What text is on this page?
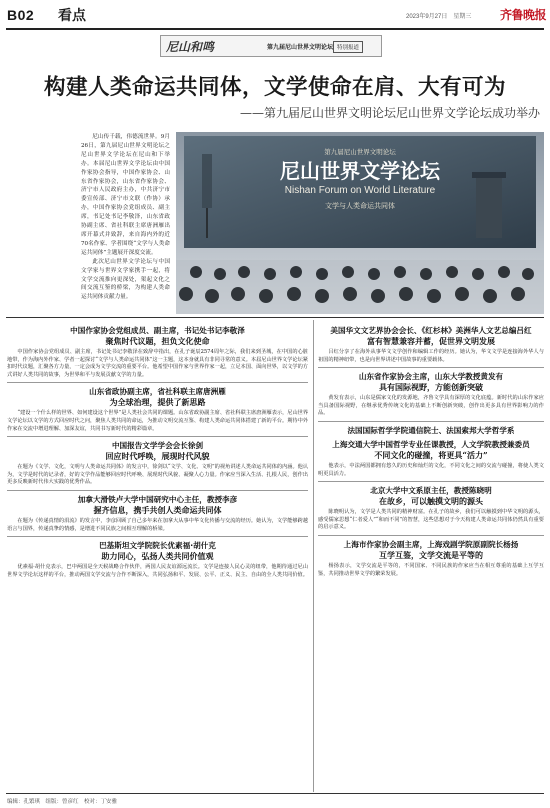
B02 看点	2023年9月27日　星期三 齐鲁晚报
尼山和鸣	第九届尼山世界文明论坛 特别报道
构建人类命运共同体，文学使命在肩、大有可为
——第九届尼山世界文明论坛尼山世界文学论坛成功举办

尼山传千载，伟德流世界。9月26日，第九届尼山世界文明论坛之尼山世界文学论坛在尼山和下举办。本届尼山世界文学论坛由中国作家协会指导，中国作家协会、山东省作家协会，山东省作家协会、济宁市人民政府主办，中共济宁市委宣传部、济宁市文联（作协）承办，中国作家协会党组成员、副主席，书记处书记李敬泽，山东省政协副主席、省社科联主席唐洲雁出席开幕式并致辞，来自海内外的近70名作家、学者围绕“文学与人类命运共同体”主题展开深度交流。

此次尼山世界文学论坛与中国文学家与世界文学家携手一起，将文学交流推向更深处，架起文化之间交流互鉴的桥梁，为构建人类命运共同体贡献力量。

第九届尼山世界文明论坛
尼山世界文学论坛
Nishan Forum on World Literature
文学与人类命运共同体
中国作家协会党组成员、副主席，书记处书记李敬泽
聚焦时代议题，担负文化使命

中国作家协会党组成员、副主席，书记处书记李敬泽在致辞中指出，在孔子诞辰2574周年之际，我们来到圣城，在中国的心脏地带，作为海内外作家、学者一起探讨“文学与人类命运共同体”这一主题，这本身就具有非同寻常的意义。本届尼山世界文学论坛紧扣时代议题，汇聚各方力量，一定会成为文学交流的重要平台。他希望中国作家与世界作家一起，立足本国、面向世界，以文学的方式讲好人类共同的故事，为世界和平与发展贡献文学的力量。

山东省政协副主席，省社科联主席唐洲雁
为全球治理，提供了新思路

“建设一个什么样的世界、如何建设这个世界”是人类社会共同的课题。山东省政协副主席、省社科联主席唐洲雁表示，尼山世界文学论坛以文学的方式回应时代之问，聚焦人类共同的命运，为推动文明交流互鉴、构建人类命运共同体搭建了新的平台。期待中外作家在交流中增进理解、加深友谊，共同书写新时代的精彩篇章。

中国报告文学学会会长徐剑
回应时代呼唤，展现时代风貌

在题为《文学、文化，文明与人类命运共同体》的发言中，徐剑以“文学、文化、文明”的视角讲述人类命运共同体的内涵。他认为，文学是时代的记录者，好的文学作品能够回应时代呼唤、展现时代风貌、凝聚人心力量。作家应当深入生活、扎根人民，创作出更多反映新时代伟大实践的优秀作品。

加拿大滑铁卢大学中国研究中心主任，教授李彦
握齐信息，携手共创人类命运共同体

在题为《传递真情的涓流》的发言中，李彦回顾了自己多年来在加拿大从事中华文化传播与交流的经历。她认为，文学能够跨越语言与国界，传递真挚的情感，是增进不同民族之间相互理解的桥梁。

巴基斯坦文学院院长优素福·胡什克
助力同心，弘扬人类共同价值观

优素福·胡什克表示，巴中两国是全天候战略合作伙伴，两国人民友谊源远流长。文学是连接人民心灵的纽带，他期待通过尼山世界文学论坛这样的平台，推动两国文学交流与合作不断深入，共同弘扬和平、发展、公平、正义、民主、自由的全人类共同价值。

美国华文文艺界协会会长、《红杉林》美洲华人文艺总编吕红
富有智慧兼容并蓄，促世界文明发展

吕红分享了在海外从事华文文学创作和编辑工作的经历。她认为，华文文学是连接海外华人与祖国的精神纽带，也是向世界讲述中国故事的重要载体。

山东省作家协会主席，山东大学教授黄发有
具有国际视野，方能创新突破

黄发有表示，山东是儒家文化的发源地，齐鲁文学具有深厚的文化底蕴。新时代的山东作家应当具备国际视野，在继承优秀传统文化的基础上不断创新突破，创作出更多具有世界影响力的作品。

法国国际哲学学院通信院士、法国索邦大学哲学系
上海交通大学中国哲学专业任课教授，人文学院教授兼委员
不同文化的碰撞，将更具“活力”

他表示，中法两国都拥有悠久的历史和灿烂的文化，不同文化之间的交流与碰撞，将使人类文明更具活力。

北京大学中文系原主任，教授陈晓明
在故乡，可以触摸文明的源头

陈晓明认为，文学是人类共同的精神财富。在孔子的故乡，我们可以触摸到中华文明的源头，感受儒家思想“仁者爱人”“和而不同”的智慧，这些思想对于今天构建人类命运共同体仍然具有重要的启示意义。

上海市作家协会副主席，上海戏剧学院原副院长杨扬
互学互鉴，文学交流是平等的

杨扬表示，文学交流是平等的，不同国家、不同民族的作家应当在相互尊重的基础上互学互鉴，共同推动世界文学的繁荣发展。

编辑：孔繁琪　组版：曾彦红　校对：丁安雅
